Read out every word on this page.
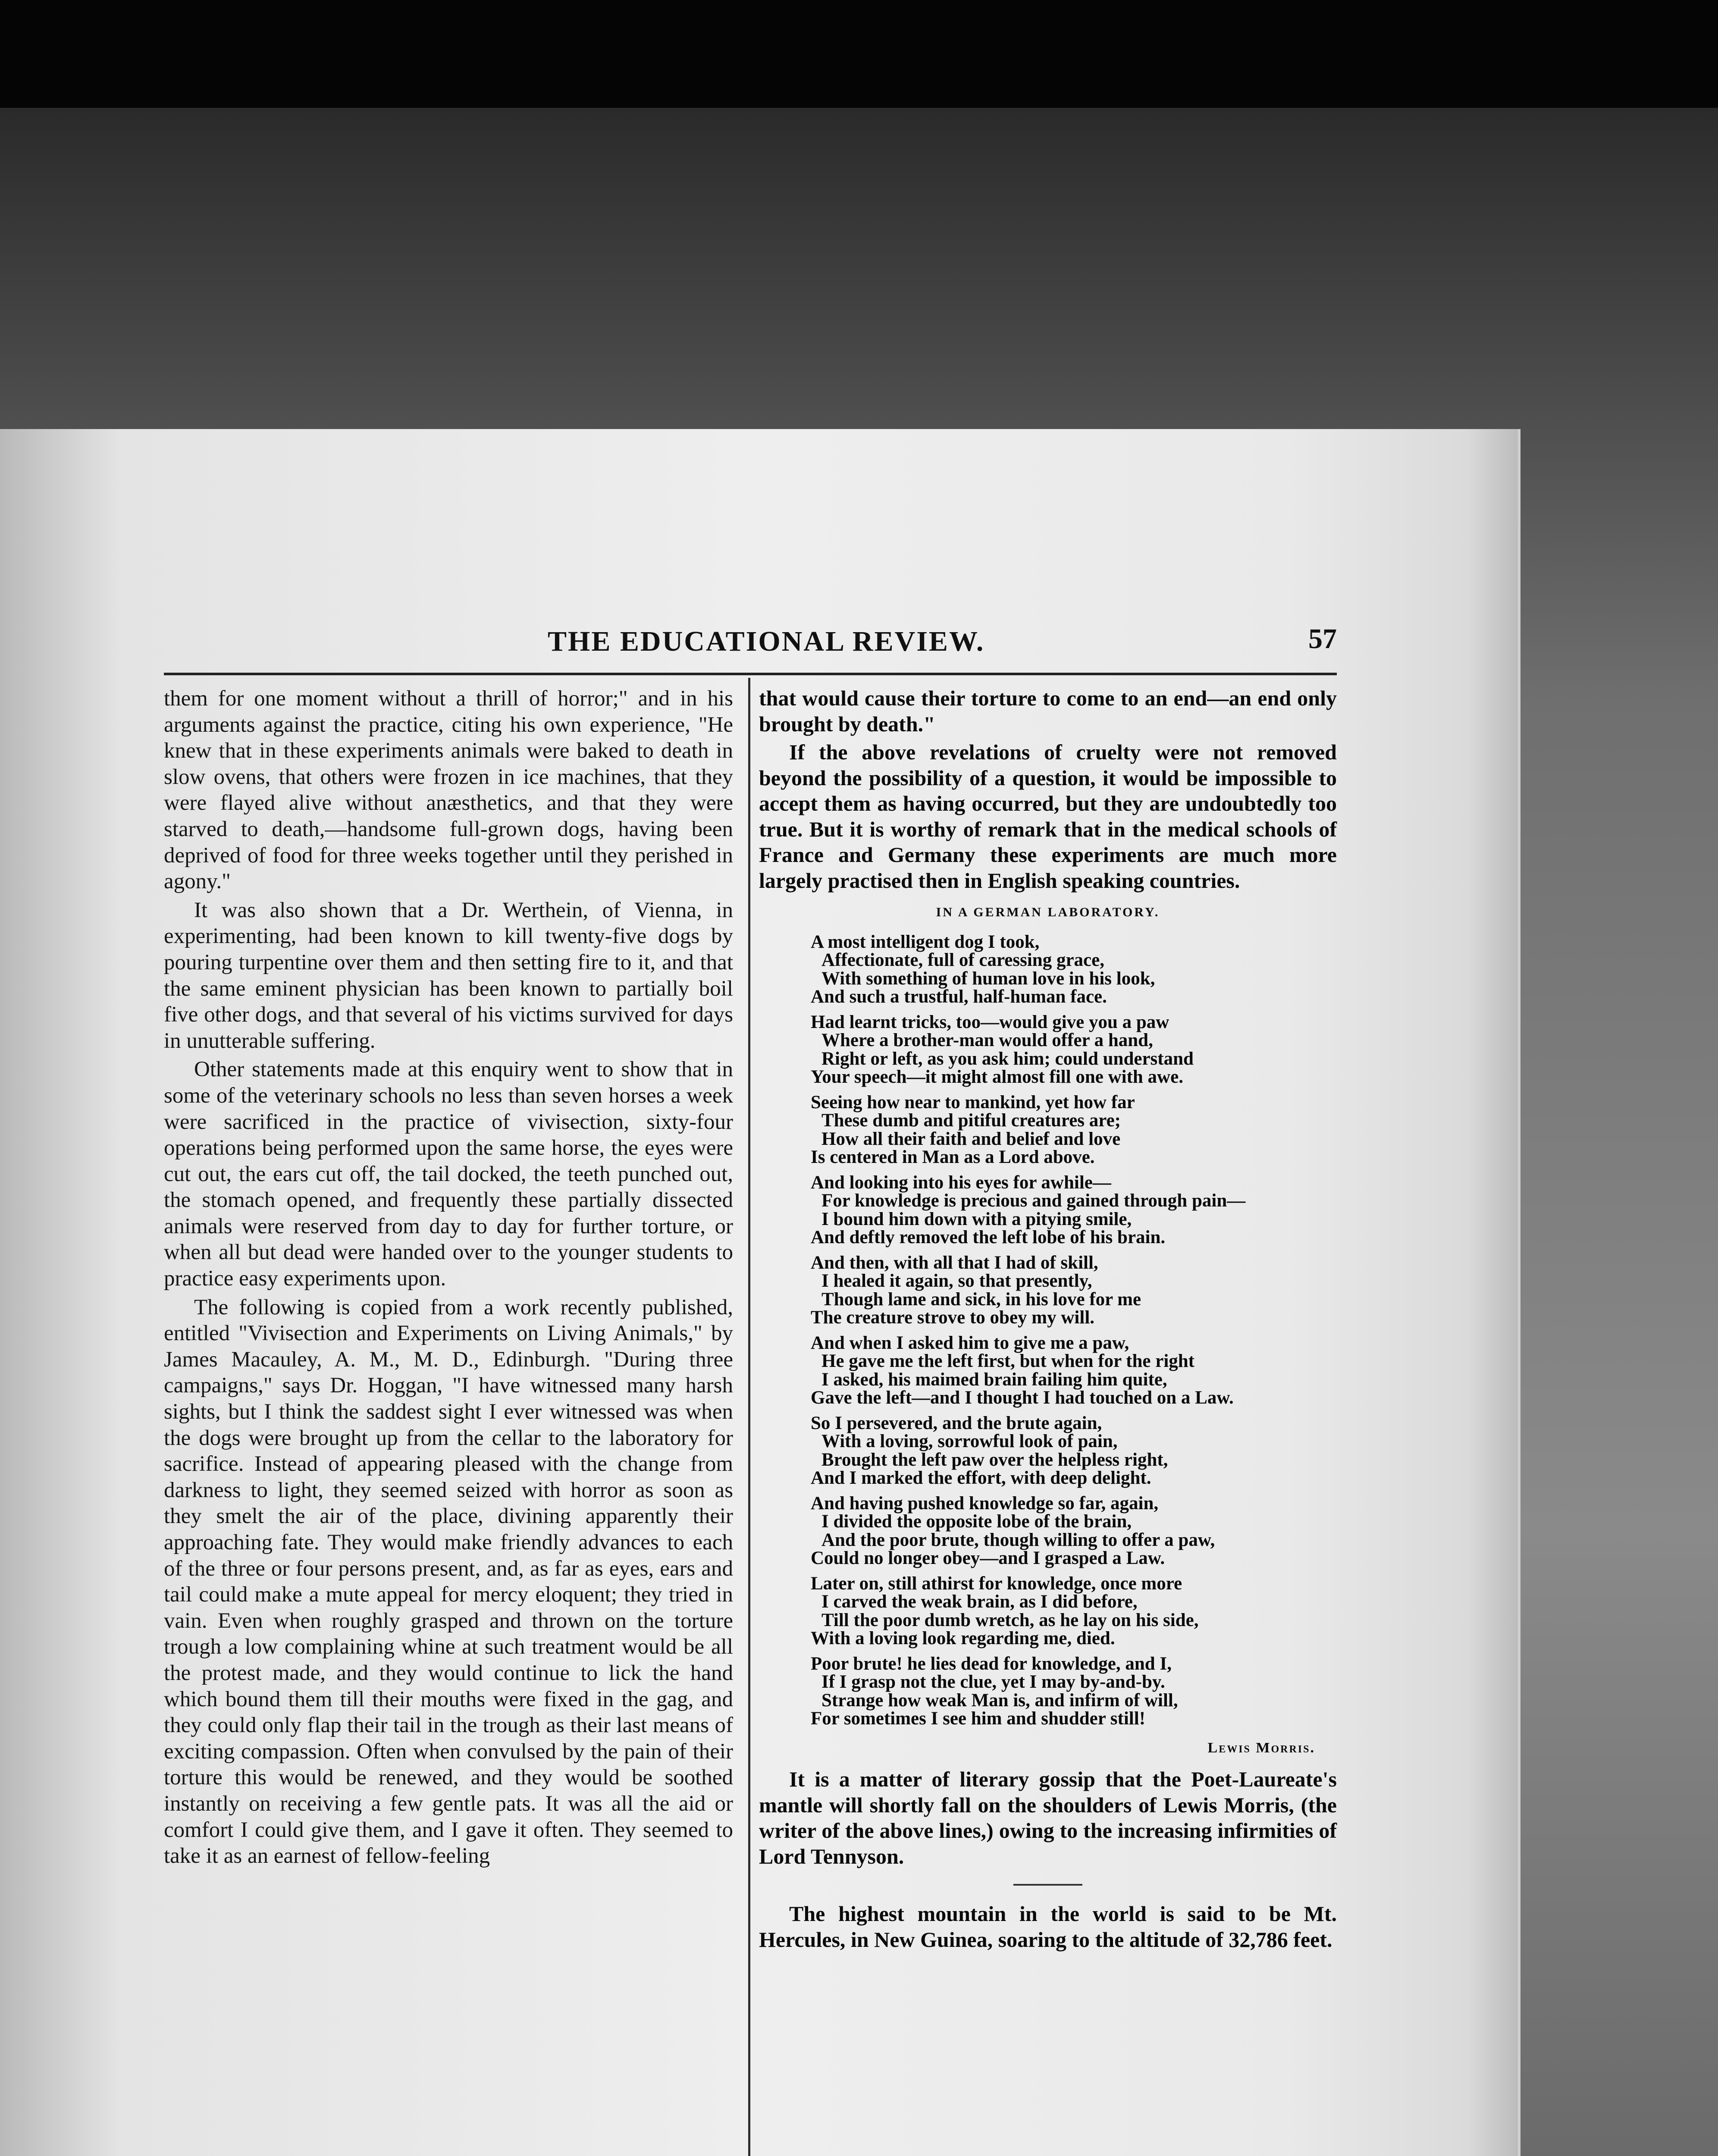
THE EDUCATIONAL REVIEW.	57

them for one moment without a thrill of horror;" and in his arguments against the practice, citing his own experience, "He knew that in these experiments animals were baked to death in slow ovens, that others were frozen in ice machines, that they were flayed alive without anæsthetics, and that they were starved to death,—handsome full-grown dogs, having been deprived of food for three weeks together until they perished in agony."

It was also shown that a Dr. Werthein, of Vienna, in experimenting, had been known to kill twenty-five dogs by pouring turpentine over them and then setting fire to it, and that the same eminent physician has been known to partially boil five other dogs, and that several of his victims survived for days in unutterable suffering.

Other statements made at this enquiry went to show that in some of the veterinary schools no less than seven horses a week were sacrificed in the practice of vivisection, sixty-four operations being performed upon the same horse, the eyes were cut out, the ears cut off, the tail docked, the teeth punched out, the stomach opened, and frequently these partially dissected animals were reserved from day to day for further torture, or when all but dead were handed over to the younger students to practice easy experiments upon.

The following is copied from a work recently published, entitled "Vivisection and Experiments on Living Animals," by James Macauley, A. M., M. D., Edinburgh. "During three campaigns," says Dr. Hoggan, "I have witnessed many harsh sights, but I think the saddest sight I ever witnessed was when the dogs were brought up from the cellar to the laboratory for sacrifice. Instead of appearing pleased with the change from darkness to light, they seemed seized with horror as soon as they smelt the air of the place, divining apparently their approaching fate. They would make friendly advances to each of the three or four persons present, and, as far as eyes, ears and tail could make a mute appeal for mercy eloquent; they tried in vain. Even when roughly grasped and thrown on the torture trough a low complaining whine at such treatment would be all the protest made, and they would continue to lick the hand which bound them till their mouths were fixed in the gag, and they could only flap their tail in the trough as their last means of exciting compassion. Often when convulsed by the pain of their torture this would be renewed, and they would be soothed instantly on receiving a few gentle pats. It was all the aid or comfort I could give them, and I gave it often. They seemed to take it as an earnest of fellow-feeling

that would cause their torture to come to an end—an end only brought by death."

If the above revelations of cruelty were not removed beyond the possibility of a question, it would be impossible to accept them as having occurred, but they are undoubtedly too true. But it is worthy of remark that in the medical schools of France and Germany these experiments are much more largely practised then in English speaking countries.

IN A GERMAN LABORATORY.
A most intelligent dog I took,
Affectionate, full of caressing grace,
With something of human love in his look,
And such a trustful, half-human face.
Had learnt tricks, too—would give you a paw
Where a brother-man would offer a hand,
Right or left, as you ask him; could understand
Your speech—it might almost fill one with awe.
Seeing how near to mankind, yet how far
These dumb and pitiful creatures are;
How all their faith and belief and love
Is centered in Man as a Lord above.
And looking into his eyes for awhile—
For knowledge is precious and gained through pain—
I bound him down with a pitying smile,
And deftly removed the left lobe of his brain.
And then, with all that I had of skill,
I healed it again, so that presently,
Though lame and sick, in his love for me
The creature strove to obey my will.
And when I asked him to give me a paw,
He gave me the left first, but when for the right
I asked, his maimed brain failing him quite,
Gave the left—and I thought I had touched on a Law.
So I persevered, and the brute again,
With a loving, sorrowful look of pain,
Brought the left paw over the helpless right,
And I marked the effort, with deep delight.
And having pushed knowledge so far, again,
I divided the opposite lobe of the brain,
And the poor brute, though willing to offer a paw,
Could no longer obey—and I grasped a Law.
Later on, still athirst for knowledge, once more
I carved the weak brain, as I did before,
Till the poor dumb wretch, as he lay on his side,
With a loving look regarding me, died.
Poor brute! he lies dead for knowledge, and I,
If I grasp not the clue, yet I may by-and-by.
Strange how weak Man is, and infirm of will,
For sometimes I see him and shudder still!
Lewis Morris.

It is a matter of literary gossip that the Poet-Laureate's mantle will shortly fall on the shoulders of Lewis Morris, (the writer of the above lines,) owing to the increasing infirmities of Lord Tennyson.

The highest mountain in the world is said to be Mt. Hercules, in New Guinea, soaring to the altitude of 32,786 feet.
